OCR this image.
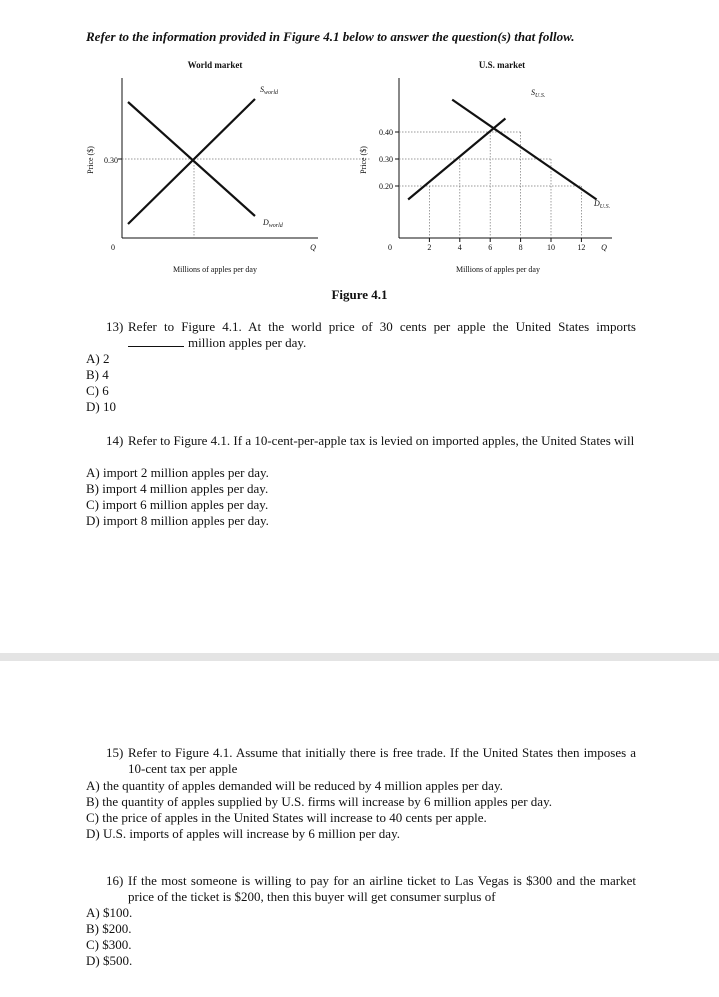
Refer to the information provided in Figure 4.1 below to answer the question(s) that follow.
World market
Price ($) 0.30
$S_{world}$
$D_{world}$
0	Q
Millions of apples per day
U.S. market
Price ($)
0.20
0.30
0.40
2	4	6	8	10	12
$S_{U.S.}$
$D_{U.S.}$
0	Q
Millions of apples per day
Figure 4.1
13) Refer to Figure 4.1. At the world price of 30 cents per apple the United States imports
million apples per day.
A) 2
B) 4
C) 6
D) 10
14) Refer to Figure 4.1. If a 10-cent-per-apple tax is levied on imported apples, the United States will
A) import 2 million apples per day.
B) import 4 million apples per day.
C) import 6 million apples per day.
D) import 8 million apples per day.
15) Refer to Figure 4.1. Assume that initially there is free trade. If the United States then imposes a 10-cent tax per apple
A) the quantity of apples demanded will be reduced by 4 million apples per day.
B) the quantity of apples supplied by U.S. firms will increase by 6 million apples per day.
C) the price of apples in the United States will increase to 40 cents per apple.
D) U.S. imports of apples will increase by 6 million per day.
16) If the most someone is willing to pay for an airline ticket to Las Vegas is $300 and the market price of the ticket is $200, then this buyer will get consumer surplus of
A) $100.
B) $200.
C) $300.
D) $500.
